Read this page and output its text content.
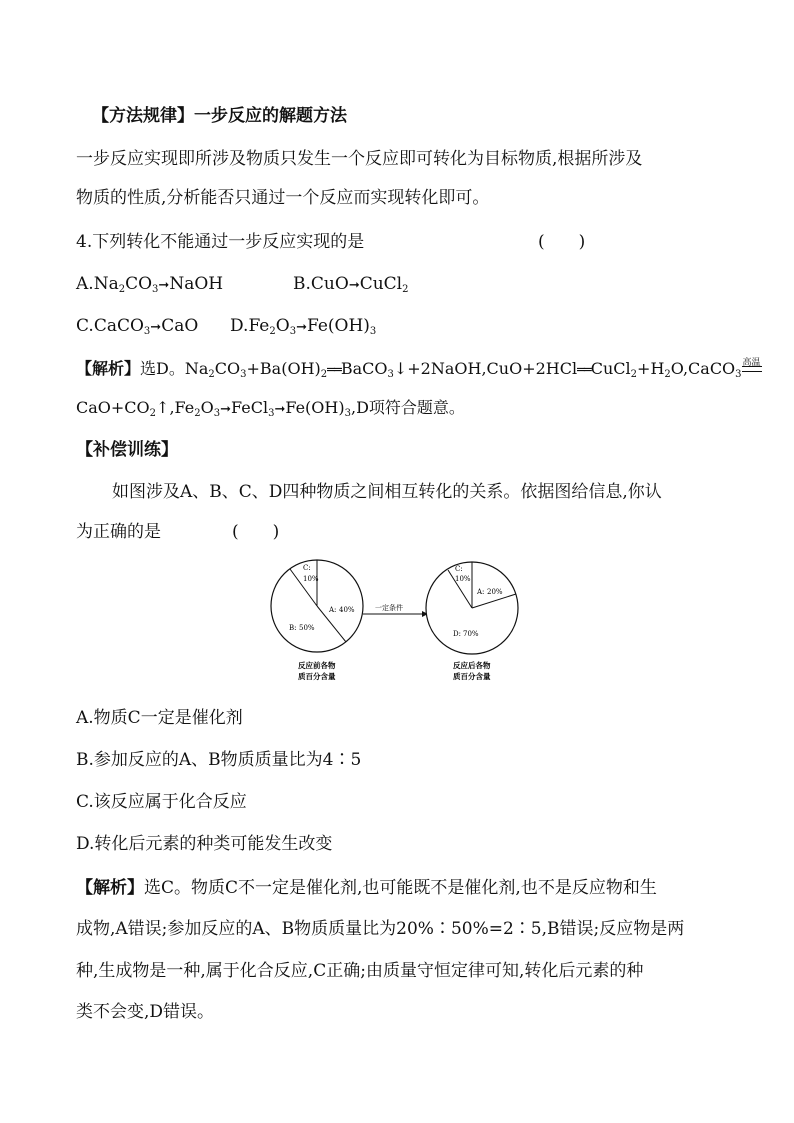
【方法规律】一步反应的解题方法
一步反应实现即所涉及物质只发生一个反应即可转化为目标物质,根据所涉及
物质的性质,分析能否只通过一个反应而实现转化即可。
4.下列转化不能通过一步反应实现的是	(　　)
$A.Na_2CO_3➞NaOH$	B.CuO➞CuCl$_2$
C.CaCO$_3$➞CaO $D.Fe_2O_3➞Fe(OH)_3$
【解析】选D。$Na_2CO_3+Ba(OH)_2══BaCO_3↓+2NaOH,CuO+2HCl══CuCl_2+H_2O,CaCO_3$
高温
$CaO+CO_2↑,Fe_2O_3➞FeCl_3➞Fe(OH)_3,D$项符合题意。
【补偿训练】
如图涉及A、B、C、D四种物质之间相互转化的关系。依据图给信息,你认
为正确的是	(　　)
C:
10%
A: 40%
B: 50%
一定条件
C:
10%
A: 20%
D: 70%
反应前各物
质百分含量
反应后各物
质百分含量
A.物质C一定是催化剂
B.参加反应的A、B物质质量比为4∶5
C.该反应属于化合反应
D.转化后元素的种类可能发生改变
【解析】选C。物质C不一定是催化剂,也可能既不是催化剂,也不是反应物和生
成物,A错误;参加反应的A、B物质质量比为20%∶50%=2∶5,B错误;反应物是两
种,生成物是一种,属于化合反应,C正确;由质量守恒定律可知,转化后元素的种
类不会变,D错误。
